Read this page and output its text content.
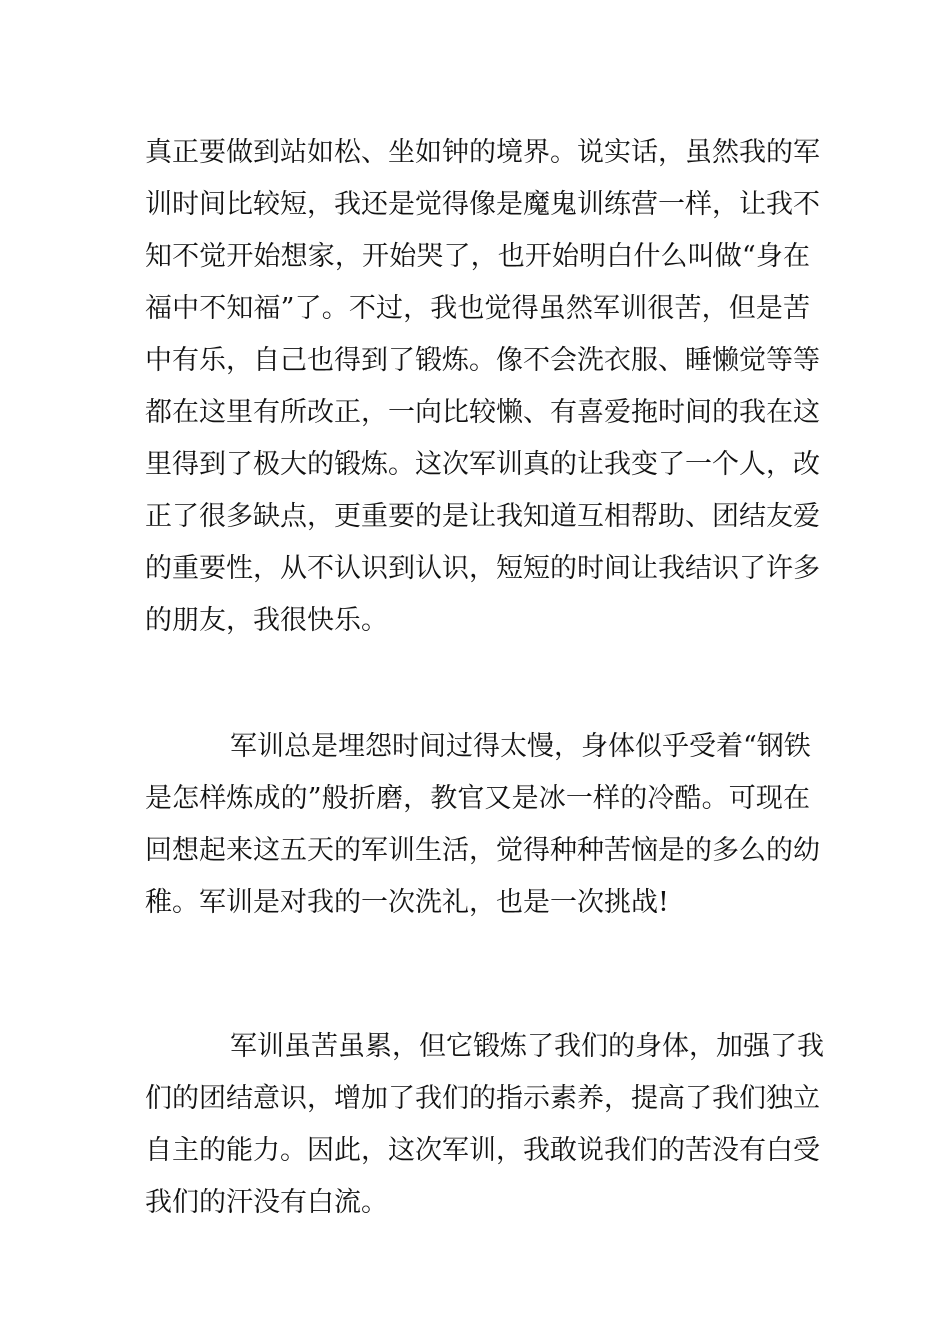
真正要做到站如松、坐如钟的境界。说实话，虽然我的军
训时间比较短，我还是觉得像是魔鬼训练营一样，让我不
知不觉开始想家，开始哭了，也开始明白什么叫做“身在
福中不知福”了。不过，我也觉得虽然军训很苦，但是苦
中有乐，自己也得到了锻炼。像不会洗衣服、睡懒觉等等
都在这里有所改正，一向比较懒、有喜爱拖时间的我在这
里得到了极大的锻炼。这次军训真的让我变了一个人，改
正了很多缺点，更重要的是让我知道互相帮助、团结友爱
的重要性，从不认识到认识，短短的时间让我结识了许多
的朋友，我很快乐。
军训总是埋怨时间过得太慢，身体似乎受着“钢铁
是怎样炼成的”般折磨，教官又是冰一样的冷酷。可现在
回想起来这五天的军训生活，觉得种种苦恼是的多么的幼
稚。军训是对我的一次洗礼，也是一次挑战!
军训虽苦虽累，但它锻炼了我们的身体，加强了我
们的团结意识，增加了我们的指示素养，提高了我们独立
自主的能力。因此，这次军训，我敢说我们的苦没有白受
我们的汗没有白流。
